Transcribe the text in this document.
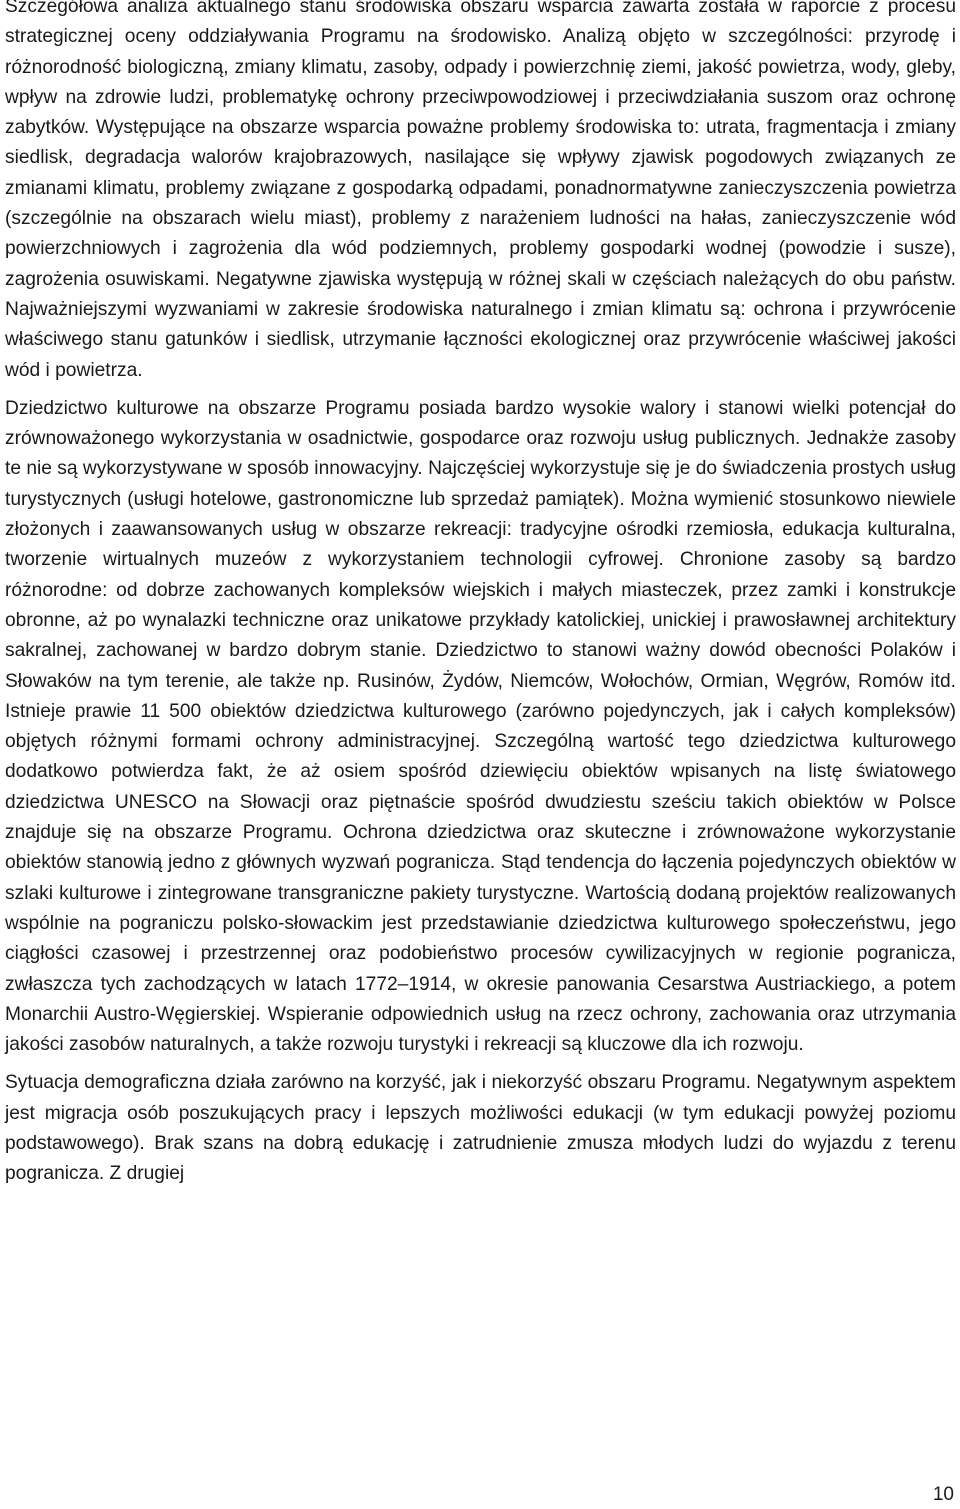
Szczegółowa analiza aktualnego stanu środowiska obszaru wsparcia zawarta została w raporcie z procesu strategicznej oceny oddziaływania Programu na środowisko. Analizą objęto w szczególności: przyrodę i różnorodność biologiczną, zmiany klimatu, zasoby, odpady i powierzchnię ziemi, jakość powietrza, wody, gleby, wpływ na zdrowie ludzi, problematykę ochrony przeciwpowodziowej i przeciwdziałania suszom oraz ochronę zabytków. Występujące na obszarze wsparcia poważne problemy środowiska to: utrata, fragmentacja i zmiany siedlisk, degradacja walorów krajobrazowych, nasilające się wpływy zjawisk pogodowych związanych ze zmianami klimatu, problemy związane z gospodarką odpadami, ponadnormatywne zanieczyszczenia powietrza (szczególnie na obszarach wielu miast), problemy z narażeniem ludności na hałas, zanieczyszczenie wód powierzchniowych i zagrożenia dla wód podziemnych, problemy gospodarki wodnej (powodzie i susze), zagrożenia osuwiskami. Negatywne zjawiska występują w różnej skali w częściach należących do obu państw. Najważniejszymi wyzwaniami w zakresie środowiska naturalnego i zmian klimatu są: ochrona i przywrócenie właściwego stanu gatunków i siedlisk, utrzymanie łączności ekologicznej oraz przywrócenie właściwej jakości wód i powietrza.

Dziedzictwo kulturowe na obszarze Programu posiada bardzo wysokie walory i stanowi wielki potencjał do zrównoważonego wykorzystania w osadnictwie, gospodarce oraz rozwoju usług publicznych. Jednakże zasoby te nie są wykorzystywane w sposób innowacyjny. Najczęściej wykorzystuje się je do świadczenia prostych usług turystycznych (usługi hotelowe, gastronomiczne lub sprzedaż pamiątek). Można wymienić stosunkowo niewiele złożonych i zaawansowanych usług w obszarze rekreacji: tradycyjne ośrodki rzemiosła, edukacja kulturalna, tworzenie wirtualnych muzeów z wykorzystaniem technologii cyfrowej. Chronione zasoby są bardzo różnorodne: od dobrze zachowanych kompleksów wiejskich i małych miasteczek, przez zamki i konstrukcje obronne, aż po wynalazki techniczne oraz unikatowe przykłady katolickiej, unickiej i prawosławnej architektury sakralnej, zachowanej w bardzo dobrym stanie. Dziedzictwo to stanowi ważny dowód obecności Polaków i Słowaków na tym terenie, ale także np. Rusinów, Żydów, Niemców, Wołochów, Ormian, Węgrów, Romów itd. Istnieje prawie 11 500 obiektów dziedzictwa kulturowego (zarówno pojedynczych, jak i całych kompleksów) objętych różnymi formami ochrony administracyjnej. Szczególną wartość tego dziedzictwa kulturowego dodatkowo potwierdza fakt, że aż osiem spośród dziewięciu obiektów wpisanych na listę światowego dziedzictwa UNESCO na Słowacji oraz piętnaście spośród dwudziestu sześciu takich obiektów w Polsce znajduje się na obszarze Programu. Ochrona dziedzictwa oraz skuteczne i zrównoważone wykorzystanie obiektów stanowią jedno z głównych wyzwań pogranicza. Stąd tendencja do łączenia pojedynczych obiektów w szlaki kulturowe i zintegrowane transgraniczne pakiety turystyczne. Wartością dodaną projektów realizowanych wspólnie na pograniczu polsko-słowackim jest przedstawianie dziedzictwa kulturowego społeczeństwu, jego ciągłości czasowej i przestrzennej oraz podobieństwo procesów cywilizacyjnych w regionie pogranicza, zwłaszcza tych zachodzących w latach 1772–1914, w okresie panowania Cesarstwa Austriackiego, a potem Monarchii Austro-Węgierskiej. Wspieranie odpowiednich usług na rzecz ochrony, zachowania oraz utrzymania jakości zasobów naturalnych, a także rozwoju turystyki i rekreacji są kluczowe dla ich rozwoju.

Sytuacja demograficzna działa zarówno na korzyść, jak i niekorzyść obszaru Programu. Negatywnym aspektem jest migracja osób poszukujących pracy i lepszych możliwości edukacji (w tym edukacji powyżej poziomu podstawowego). Brak szans na dobrą edukację i zatrudnienie zmusza młodych ludzi do wyjazdu z terenu pogranicza. Z drugiej

10
